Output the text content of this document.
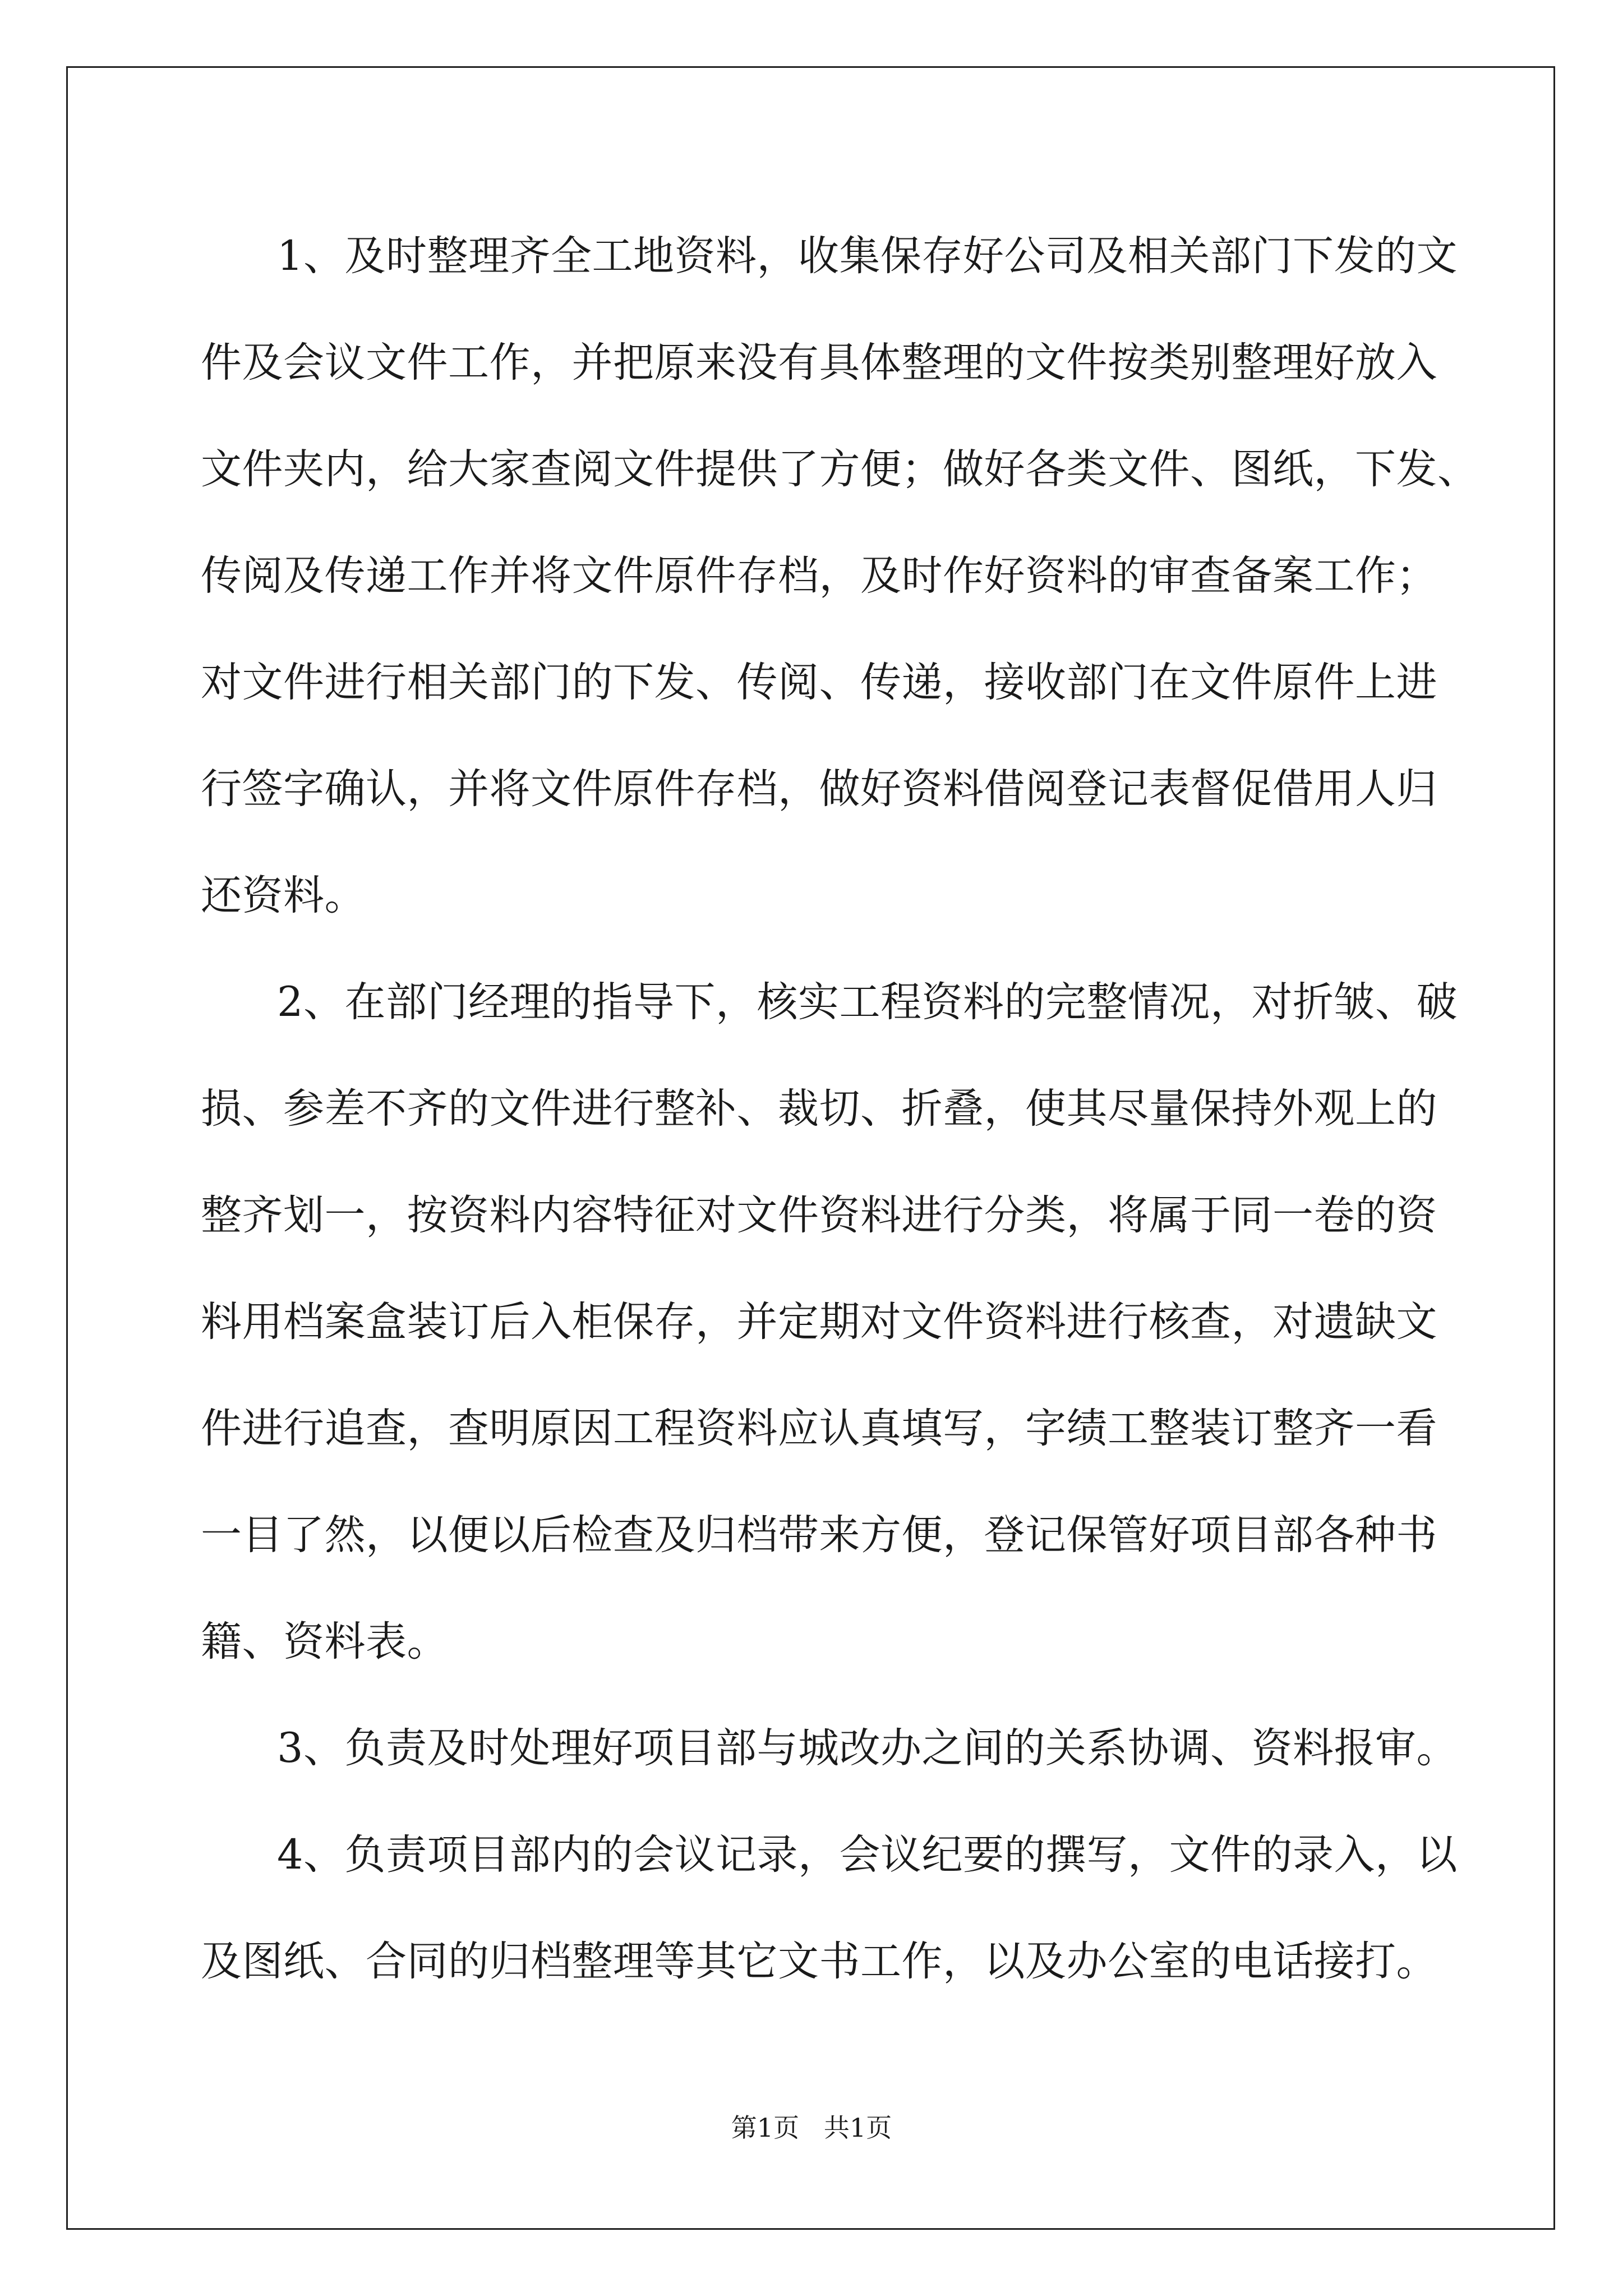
1、及时整理齐全工地资料，收集保存好公司及相关部门下发的文
件及会议文件工作，并把原来没有具体整理的文件按类别整理好放入
文件夹内，给大家查阅文件提供了方便；做好各类文件、图纸，下发、
传阅及传递工作并将文件原件存档，及时作好资料的审查备案工作；
对文件进行相关部门的下发、传阅、传递，接收部门在文件原件上进
行签字确认，并将文件原件存档，做好资料借阅登记表督促借用人归
还资料。
2、在部门经理的指导下，核实工程资料的完整情况，对折皱、破
损、参差不齐的文件进行整补、裁切、折叠，使其尽量保持外观上的
整齐划一，按资料内容特征对文件资料进行分类，将属于同一卷的资
料用档案盒装订后入柜保存，并定期对文件资料进行核查，对遗缺文
件进行追查，查明原因工程资料应认真填写，字绩工整装订整齐一看
一目了然，以便以后检查及归档带来方便，登记保管好项目部各种书
籍、资料表。
3、负责及时处理好项目部与城改办之间的关系协调、资料报审。
4、负责项目部内的会议记录，会议纪要的撰写，文件的录入，以
及图纸、合同的归档整理等其它文书工作，以及办公室的电话接打。
第1页   共1页
